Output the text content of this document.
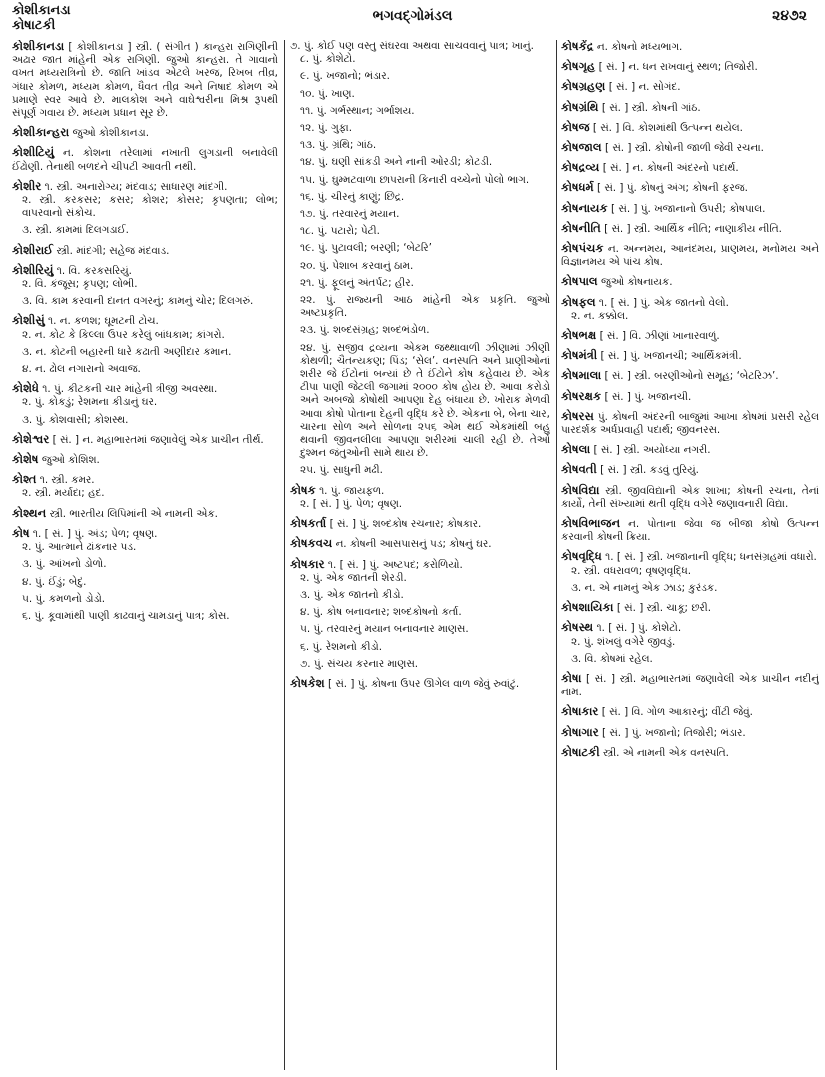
કોશીકાનડા
કોષાટકી
ભગવદ્ગોમંડલ	૨૪૭૨
કોશીકાનડા [ કોશીકાનડા ] સ્ત્રી. ( સંગીત ) કાન્હરા રાગિણીની અઢાર જાત માંહેની એક રાગિણી. જુઓ કાન્હરા. તે ગાવાનો વખત મધ્યરાત્રિનો છે. જાતિ ખાંડવ એટલે ખરજ, રિખબ તીવ્ર, ગંધાર કોમળ, મધ્યમ કોમળ, ધૈવત તીવ્ર અને નિષાદ કોમળ એ પ્રમાણે સ્વર આવે છે. માલકોશ અને વાઘેશ્વરીના મિશ્ર રૂપથી સંપૂર્ણ ગવાય છે. મધ્યમ પ્રધાન સૂર છે.
કોશીકાન્હરા જુઓ કોશીકાનડા.
કોશીટિયું ન. કોશના તરેલામાં નખાતી લુગડાની બનાવેલી ઈંઢોણી. તેનાથી બળદને ચીપટી આવતી નથી.
કોશીર ૧. સ્ત્રી. અનારોગ્ય; મંદવાડ; સાધારણ માંદગી.
૨. સ્ત્રી. કરકસર; કસર; કોશર; કોસર; કૃપણતા; લોભ; વાપરવાનો સંકોચ.
૩. સ્ત્રી. કામમાં દિલગડાઈ.
કોશીરાઈ સ્ત્રી. માંદગી; સહેજ મંદવાડ.
કોશીરિયું ૧. વિ. કરકસરિયું.
૨. વિ. કંજૂસ; કૃપણ; લોભી.
૩. વિ. કામ કરવાની દાનત વગરનું; કામનું ચોર; દિલગરું.
કોશીસું ૧. ન. કળશ; ઘૂમટની ટોચ.
૨. ન. કોટ કે કિલ્લા ઉપર કરેલું બાંધકામ; કાંગરો.
૩. ન. કોટની બહારની ધારે કઢાતી અણીદાર કમાન.
૪. ન. ઢોલ નગારાનો અવાજ.
કોશેધે ૧. પું. કીટકની ચાર માંહેની ત્રીજી અવસ્થા.
૨. પું. કોકડું; રેશમના કીડાનું ઘર.
૩. પું. કોશવાસી; કોશસ્થ.
કોશેશ્વર [ સં. ] ન. મહાભારતમાં જણાવેલું એક પ્રાચીન તીર્થ.
કોશેષ જુઓ કોશિશ.
કોશ્ત ૧. સ્ત્રી. કમર.
૨. સ્ત્રી. મર્યાદા; હદ.
કોશ્થન સ્ત્રી. ભારતીય લિપિમાંની એ નામની એક.
કોષ ૧. [ સં. ] પું. અંડ; પેળ; વૃષણ.
૨. પું. આત્માને ઢાંકનાર પડ.
૩. પું. આંખનો ડોળો.
૪. પું. ઈંડું; બેદું.
૫. પું. કમળનો ડોડો.
૬. પું. કૂવામાંથી પાણી કાઢવાનું ચામડાનું પાત્ર; કોસ.
૭. પું. કોઈ પણ વસ્તુ સંઘરવા અથવા સાચવવાનું પાત્ર; ખાનું.
૮. પું. કોશેટો.
૯. પું. ખજાનો; ભંડાર.
૧૦. પું. ખાણ.
૧૧. પું. ગર્ભસ્થાન; ગર્ભાશય.
૧૨. પું. ગુફા.
૧૩. પું. ગ્રંથિ; ગાંઠ.
૧૪. પું. ઘણી સાંકડી અને નાની ઓરડી; કોટડી.
૧૫. પું. ઘુમ્મટવાળા છાપરાની કિનારી વચ્ચેનો પોલો ભાગ.
૧૬. પું. ચીરનું કાણું; છિદ્ર.
૧૭. પું. તરવારનું મયાન.
૧૮. પું. પટારો; પેટી.
૧૯. પું. પુટાવલી; બરણી; ‘બેટરિ’
૨૦. પું. પેશાબ કરવાનું ઠામ.
૨૧. પું. ફૂલનું અંતર્પટ; હીર.
૨૨. પું. રાજ્યની આઠ માંહેની એક પ્રકૃતિ. જુઓ અષ્ટપ્રકૃતિ.
૨૩. પું. શબ્દસંગ્રહ; શબ્દભંડોળ.
૨૪. પું. સજીવ દ્રવ્યના એકમ જથ્થાવાળી ઝીણામાં ઝીણી કોથળી; ચૈતન્યકણ; પિંડ; ‘સેલ’. વનસ્પતિ અને પ્રાણીઓનાં શરીર જે ઈંટોનાં બન્યાં છે તે ઈંટોને કોષ કહેવાય છે. એક ટીપા પાણી જેટલી જગામાં ૨૦૦૦ કોષ હોય છે. આવા કરોડો અને અબજો કોષોથી આપણા દેહ બંધાયા છે. ખોરાક મેળવી આવા કોષો પોતાના દેહની વૃદ્ધિ કરે છે. એકના બે, બેના ચાર, ચારના સોળ અને સોળના ૨૫૬ એમ થઈ એકમાંથી બહુ થવાની જીવનલીલા આપણા શરીરમાં ચાલી રહી છે. તેઓ દુશ્મન જંતુઓની સામે થાય છે.
૨૫. પું. સાધુની મઢી.
કોષક ૧. પું. જાયફળ.
૨. [ સં. ] પું. પેળ; વૃષણ.
કોષકર્તા [ સં. ] પું. શબ્દકોષ રચનાર; કોષકાર.
કોષકવચ ન. કોષની આસપાસનું પડ; કોષનું ઘર.
કોષકાર ૧. [ સં. ] પું. અષ્ટપદ; કરોળિયો.
૨. પું. એક જાતની શેરડી.
૩. પું. એક જાતનો કીડો.
૪. પું. કોષ બનાવનાર; શબ્દકોષનો કર્તા.
૫. પું. તરવારનું મયાન બનાવનાર માણસ.
૬. પું. રેશમનો કીડો.
૭. પું. સંચય કરનાર માણસ.
કોષકેશ [ સં. ] પું. કોષના ઉપર ઊગેલ વાળ જેવું રુવાંટું.
કોષકેંદ્ર ન. કોષનો મધ્યભાગ.
કોષગૃહ [ સં. ] ન. ધન રાખવાનું સ્થળ; તિજોરી.
કોષગ્રહણ [ સં. ] ન. સોગંદ.
કોષગ્રંથિ [ સં. ] સ્ત્રી. કોષની ગાંઠ.
કોષજ [ સં. ] વિ. કોશમાંથી ઉત્પન્ન થયેલ.
કોષજાલ [ સં. ] સ્ત્રી. કોષોની જાળી જેવી રચના.
કોષદ્રવ્ય [ સં. ] ન. કોષની અંદરનો પદાર્થ.
કોષધર્મ [ સં. ] પું. કોષનું અંગ; કોષની ફરજ.
કોષનાયક [ સં. ] પું. ખજાનાનો ઉપરી; કોષપાલ.
કોષનીતિ [ સં. ] સ્ત્રી. આર્થિક નીતિ; નાણાકીય નીતિ.
કોષપંચક ન. અન્નમય, આનંદમય, પ્રાણમય, મનોમય અને વિજ્ઞાનમય એ પાંચ કોષ.
કોષપાલ જુઓ કોષનાયક.
કોષફલ ૧. [ સં. ] પું. એક જાતનો વેલો.
૨. ન. કક્કોલ.
કોષભક્ષ [ સં. ] વિ. ઝીણાં ખાનારવાળું.
કોષમંત્રી [ સં. ] પું. ખજાનચી; આર્થિકમંત્રી.
કોષમાલા [ સં. ] સ્ત્રી. બરણીઓનો સમૂહ; ‘બેટરિઝ’.
કોષરક્ષક [ સં. ] પું. ખજાનચી.
કોષરસ પું. કોષની અંદરની બાજુમાં આખા કોષમાં પ્રસરી રહેલ પારદર્શક અર્ધપ્રવાહી પદાર્થ; જીવનરસ.
કોષલા [ સં. ] સ્ત્રી. અયોધ્યા નગરી.
કોષવતી [ સં. ] સ્ત્રી. કડવું તુરિયું.
કોષવિદ્યા સ્ત્રી. જીવવિદ્યાની એક શાખા; કોષની રચના, તેનાં કાર્યો, તેની સંખ્યામાં થતી વૃદ્ધિ વગેરે જણાવનારી વિદ્યા.
કોષવિભાજન ન. પોતાના જેવા જ બીજા કોષો ઉત્પન્ન કરવાની કોષની ક્રિયા.
કોષવૃદ્ધિ ૧. [ સં. ] સ્ત્રી. ખજાનાની વૃદ્ધિ; ધનસંગ્રહમાં વધારો.
૨. સ્ત્રી. વધરાવળ; વૃષણવૃદ્ધિ.
૩. ન. એ નામનું એક ઝાડ; કુરંડક.
કોષશાયિકા [ સં. ] સ્ત્રી. ચાકૂ; છરી.
કોષસ્થ ૧. [ સં. ] પું. કોશેટો.
૨. પું. શંખલું વગેરે જીવડું.
૩. વિ. કોષમાં રહેલ.
કોષા [ સં. ] સ્ત્રી. મહાભારતમાં જણાવેલી એક પ્રાચીન નદીનું નામ.
કોષાકાર [ સં. ] વિ. ગોળ આકારનું; વીંટી જેવું.
કોષાગાર [ સં. ] પું. ખજાનો; તિજોરી; ભંડાર.
કોષાટકી સ્ત્રી. એ નામની એક વનસ્પતિ.
